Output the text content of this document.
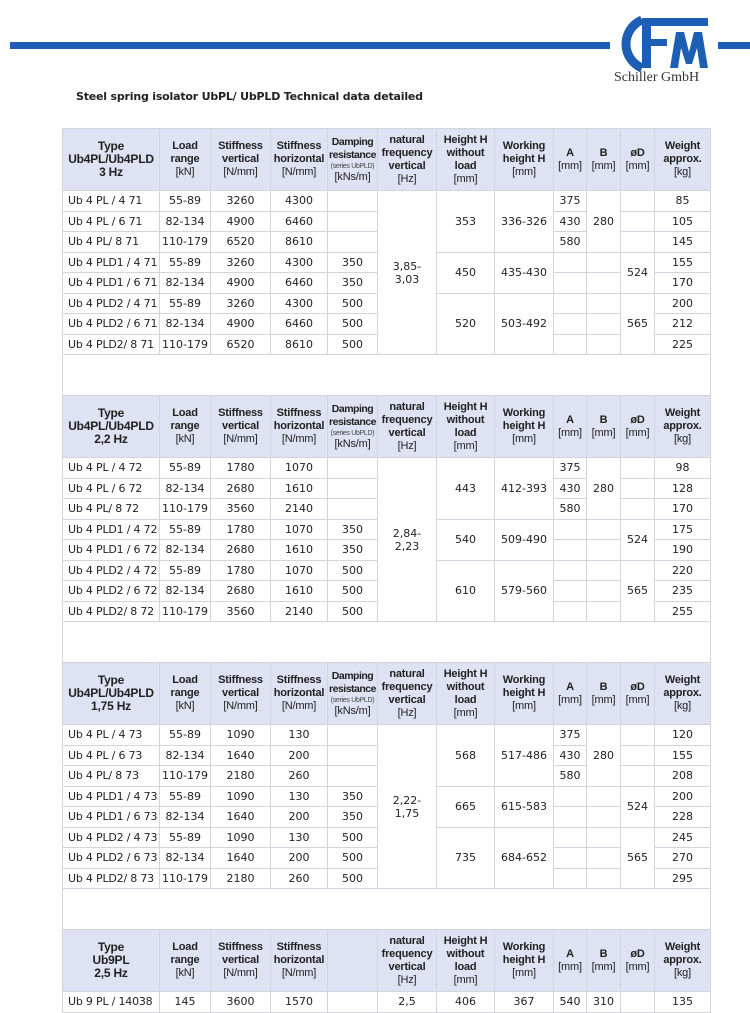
Schiller GmbH
Steel spring isolator UbPL/ UbPLD Technical data detailed
Type
Ub4PL/Ub4PLD
3 Hz	Load
range
[kN]	Stiffness
vertical
[N/mm]	Stiffness
horizontal
[N/mm]	Damping
resistance
(series UbPLD)
[kNs/m]	natural
frequency
vertical
[Hz]	Height H
without
load
[mm]	Working
height H
[mm]	A
[mm]	B
[mm]	øD
[mm]	Weight
approx.
[kg]
Ub 4 PL / 4 71	55-89	3260	4300		3,85-
3,03	353	336-326	375	280		85
Ub 4 PL / 6 71	82-134	4900	6460					430			105
Ub 4 PL/ 8 71	110-179	6520	8610					580			145
Ub 4 PLD1 / 4 71	55-89	3260	4300	350		450	435-430			524	155
Ub 4 PLD1 / 6 71	82-134	4900	6460	350							170
Ub 4 PLD2 / 4 71	55-89	3260	4300	500		520	503-492			565	200
Ub 4 PLD2 / 6 71	82-134	4900	6460	500							212
Ub 4 PLD2/ 8 71	110-179	6520	8610	500							225

Type
Ub4PL/Ub4PLD
2,2 Hz	Load
range
[kN]	Stiffness
vertical
[N/mm]	Stiffness
horizontal
[N/mm]	Damping
resistance
(series UbPLD)
[kNs/m]	natural
frequency
vertical
[Hz]	Height H
without
load
[mm]	Working
height H
[mm]	A
[mm]	B
[mm]	øD
[mm]	Weight
approx.
[kg]
Ub 4 PL / 4 72	55-89	1780	1070		2,84-
2,23	443	412-393	375	280		98
Ub 4 PL / 6 72	82-134	2680	1610					430			128
Ub 4 PL/ 8 72	110-179	3560	2140					580			170
Ub 4 PLD1 / 4 72	55-89	1780	1070	350		540	509-490			524	175
Ub 4 PLD1 / 6 72	82-134	2680	1610	350							190
Ub 4 PLD2 / 4 72	55-89	1780	1070	500		610	579-560			565	220
Ub 4 PLD2 / 6 72	82-134	2680	1610	500							235
Ub 4 PLD2/ 8 72	110-179	3560	2140	500							255

Type
Ub4PL/Ub4PLD
1,75 Hz	Load
range
[kN]	Stiffness
vertical
[N/mm]	Stiffness
horizontal
[N/mm]	Damping
resistance
(series UbPLD)
[kNs/m]	natural
frequency
vertical
[Hz]	Height H
without
load
[mm]	Working
height H
[mm]	A
[mm]	B
[mm]	øD
[mm]	Weight
approx.
[kg]
Ub 4 PL / 4 73	55-89	1090	130		2,22-
1,75	568	517-486	375	280		120
Ub 4 PL / 6 73	82-134	1640	200					430			155
Ub 4 PL/ 8 73	110-179	2180	260					580			208
Ub 4 PLD1 / 4 73	55-89	1090	130	350		665	615-583			524	200
Ub 4 PLD1 / 6 73	82-134	1640	200	350							228
Ub 4 PLD2 / 4 73	55-89	1090	130	500		735	684-652			565	245
Ub 4 PLD2 / 6 73	82-134	1640	200	500							270
Ub 4 PLD2/ 8 73	110-179	2180	260	500							295

Type
Ub9PL
2,5 Hz	Load
range
[kN]	Stiffness
vertical
[N/mm]	Stiffness
horizontal
[N/mm]		natural
frequency
vertical
[Hz]	Height H
without
load
[mm]	Working
height H
[mm]	A
[mm]	B
[mm]	øD
[mm]	Weight
approx.
[kg]
Ub 9 PL / 14038	145	3600	1570		2,5	406	367	540	310		135
